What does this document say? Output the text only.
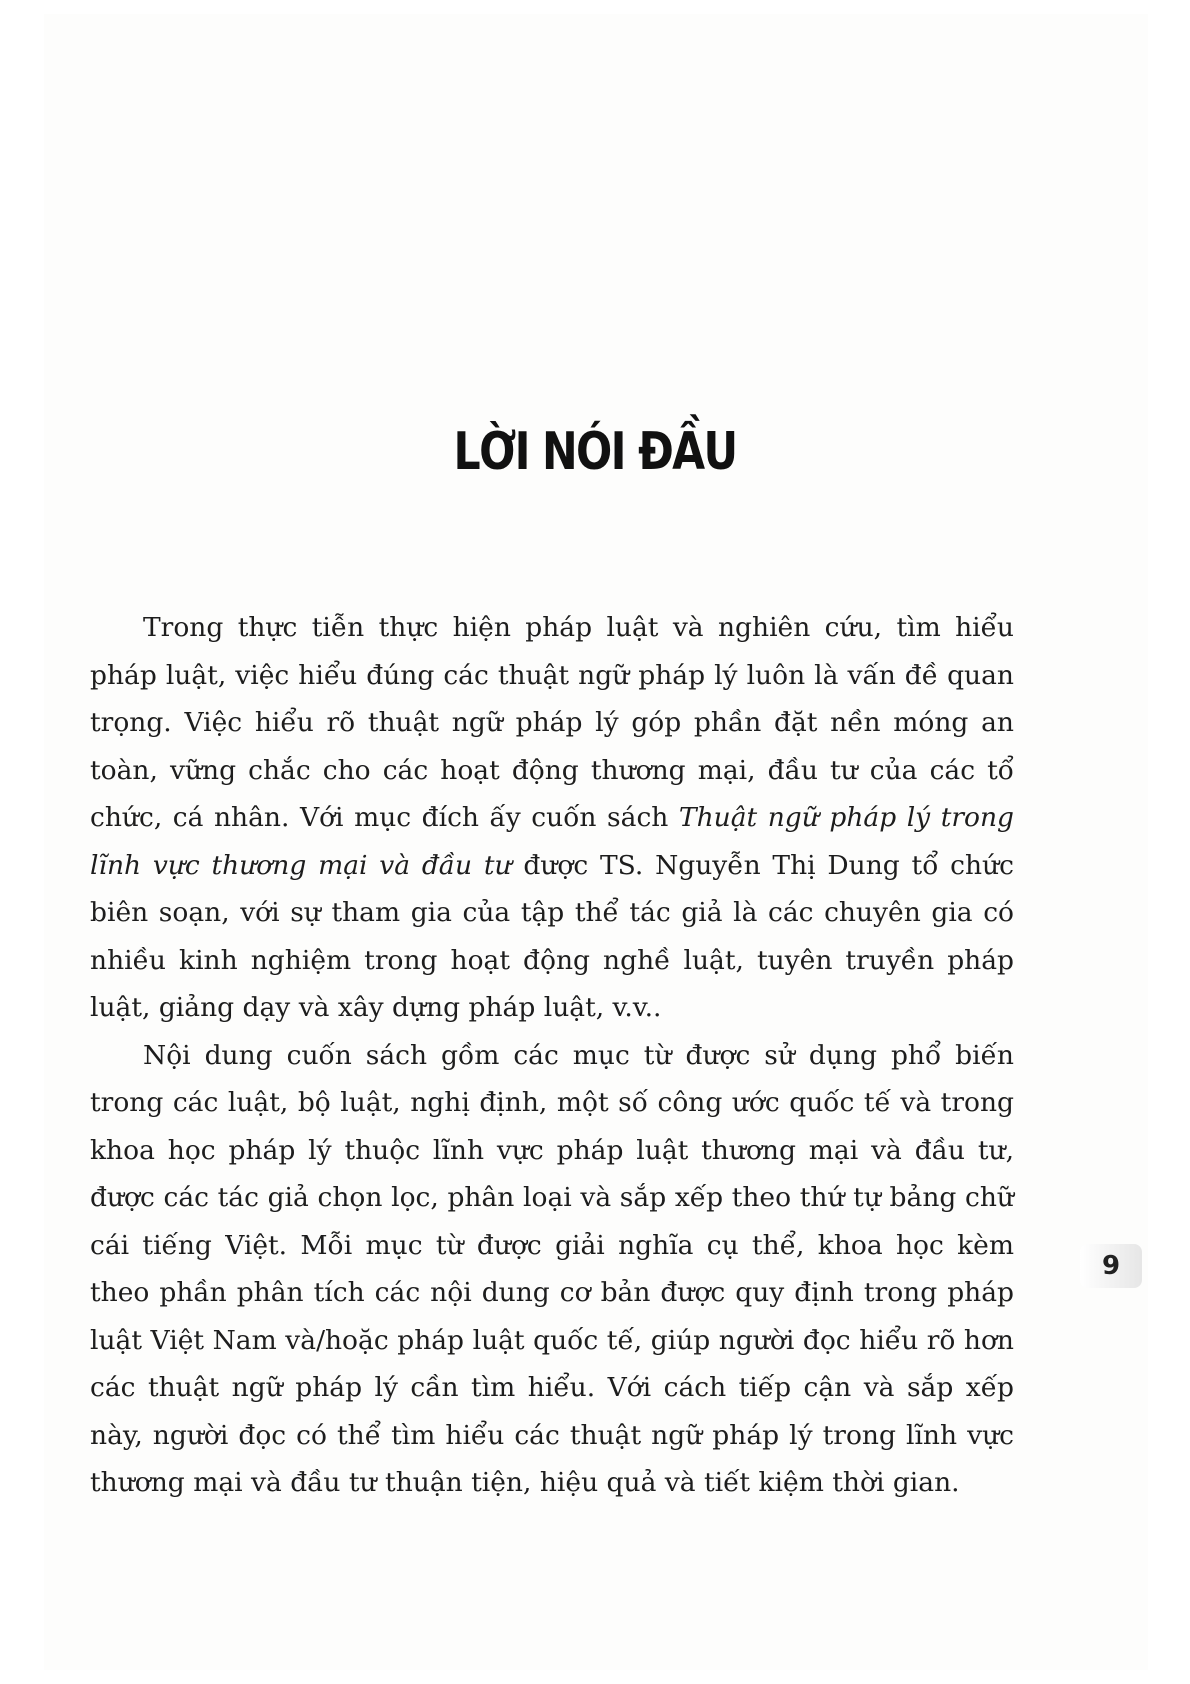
LỜI NÓI ĐẦU

Trong thực tiễn thực hiện pháp luật và nghiên cứu, tìm hiểu pháp luật, việc hiểu đúng các thuật ngữ pháp lý luôn là vấn đề quan trọng. Việc hiểu rõ thuật ngữ pháp lý góp phần đặt nền móng an toàn, vững chắc cho các hoạt động thương mại, đầu tư của các tổ chức, cá nhân. Với mục đích ấy cuốn sách Thuật ngữ pháp lý trong lĩnh vực thương mại và đầu tư được TS. Nguyễn Thị Dung tổ chức biên soạn, với sự tham gia của tập thể tác giả là các chuyên gia có nhiều kinh nghiệm trong hoạt động nghề luật, tuyên truyền pháp luật, giảng dạy và xây dựng pháp luật, v.v..

Nội dung cuốn sách gồm các mục từ được sử dụng phổ biến trong các luật, bộ luật, nghị định, một số công ước quốc tế và trong khoa học pháp lý thuộc lĩnh vực pháp luật thương mại và đầu tư, được các tác giả chọn lọc, phân loại và sắp xếp theo thứ tự bảng chữ cái tiếng Việt. Mỗi mục từ được giải nghĩa cụ thể, khoa học kèm theo phần phân tích các nội dung cơ bản được quy định trong pháp luật Việt Nam và/hoặc pháp luật quốc tế, giúp người đọc hiểu rõ hơn các thuật ngữ pháp lý cần tìm hiểu. Với cách tiếp cận và sắp xếp này, người đọc có thể tìm hiểu các thuật ngữ pháp lý trong lĩnh vực thương mại và đầu tư thuận tiện, hiệu quả và tiết kiệm thời gian.

9
